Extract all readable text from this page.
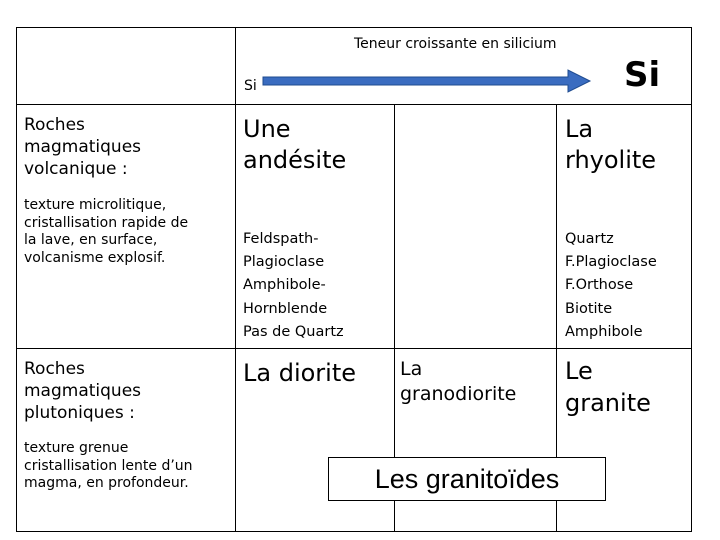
Teneur croissante en silicium
Si	Si
Roches
magmatiques
volcanique :
texture microlitique,
cristallisation rapide de
la lave, en surface,
volcanisme explosif.
Une
andésite
Feldspath-
Plagioclase
Amphibole-
Hornblende
Pas de Quartz
La
rhyolite
Quartz
F.Plagioclase
F.Orthose
Biotite
Amphibole
Roches
magmatiques
plutoniques :
texture grenue
cristallisation lente d’un
magma, en profondeur.
La diorite La
granodiorite
Le
granite
Les granitoïdes
